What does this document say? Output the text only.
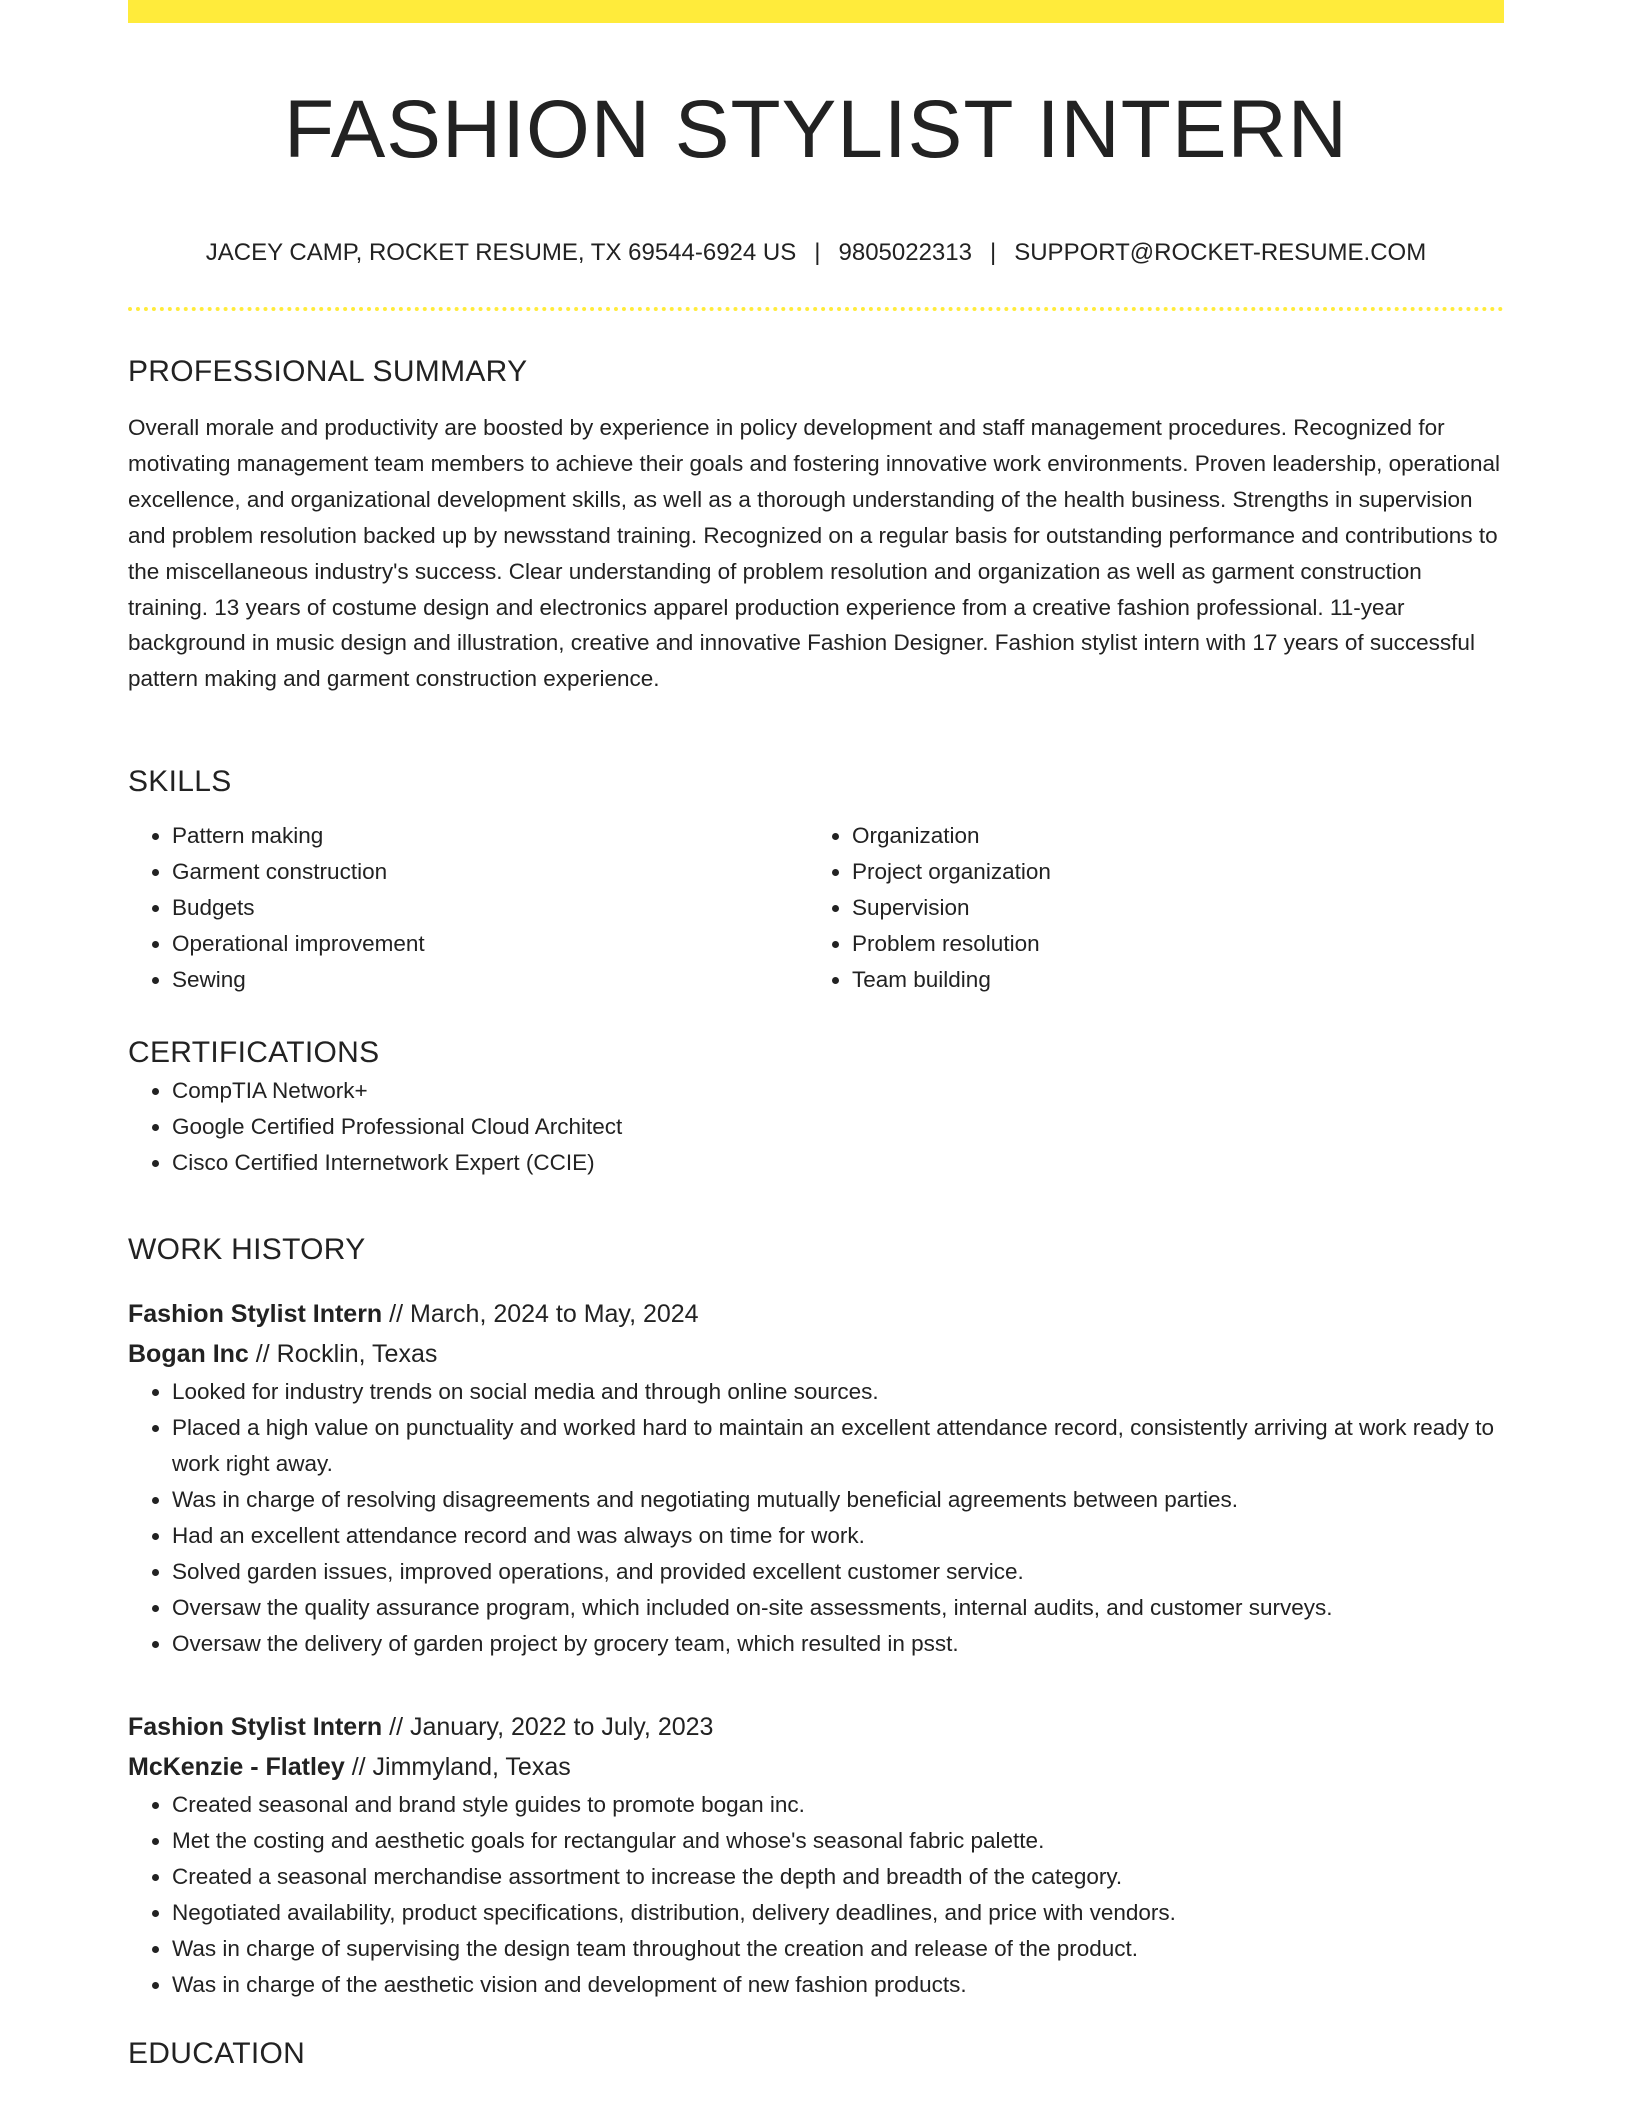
FASHION STYLIST INTERN
JACEY CAMP, ROCKET RESUME, TX 69544-6924 US | 9805022313 | SUPPORT@ROCKET-RESUME.COM
PROFESSIONAL SUMMARY

Overall morale and productivity are boosted by experience in policy development and staff management procedures. Recognized for motivating management team members to achieve their goals and fostering innovative work environments. Proven leadership, operational excellence, and organizational development skills, as well as a thorough understanding of the health business. Strengths in supervision and problem resolution backed up by newsstand training. Recognized on a regular basis for outstanding performance and contributions to the miscellaneous industry's success. Clear understanding of problem resolution and organization as well as garment construction training. 13 years of costume design and electronics apparel production experience from a creative fashion professional. 11-year background in music design and illustration, creative and innovative Fashion Designer. Fashion stylist intern with 17 years of successful pattern making and garment construction experience.

SKILLS
• Pattern making
• Garment construction
• Budgets
• Operational improvement
• Sewing
• Organization
• Project organization
• Supervision
• Problem resolution
• Team building
CERTIFICATIONS
• CompTIA Network+
• Google Certified Professional Cloud Architect
• Cisco Certified Internetwork Expert (CCIE)
WORK HISTORY
Fashion Stylist Intern // March, 2024 to May, 2024
Bogan Inc // Rocklin, Texas
• Looked for industry trends on social media and through online sources.
• Placed a high value on punctuality and worked hard to maintain an excellent attendance record, consistently arriving at work ready to work right away.
• Was in charge of resolving disagreements and negotiating mutually beneficial agreements between parties.
• Had an excellent attendance record and was always on time for work.
• Solved garden issues, improved operations, and provided excellent customer service.
• Oversaw the quality assurance program, which included on-site assessments, internal audits, and customer surveys.
• Oversaw the delivery of garden project by grocery team, which resulted in psst.
Fashion Stylist Intern // January, 2022 to July, 2023
McKenzie - Flatley // Jimmyland, Texas
• Created seasonal and brand style guides to promote bogan inc.
• Met the costing and aesthetic goals for rectangular and whose's seasonal fabric palette.
• Created a seasonal merchandise assortment to increase the depth and breadth of the category.
• Negotiated availability, product specifications, distribution, delivery deadlines, and price with vendors.
• Was in charge of supervising the design team throughout the creation and release of the product.
• Was in charge of the aesthetic vision and development of new fashion products.
EDUCATION
